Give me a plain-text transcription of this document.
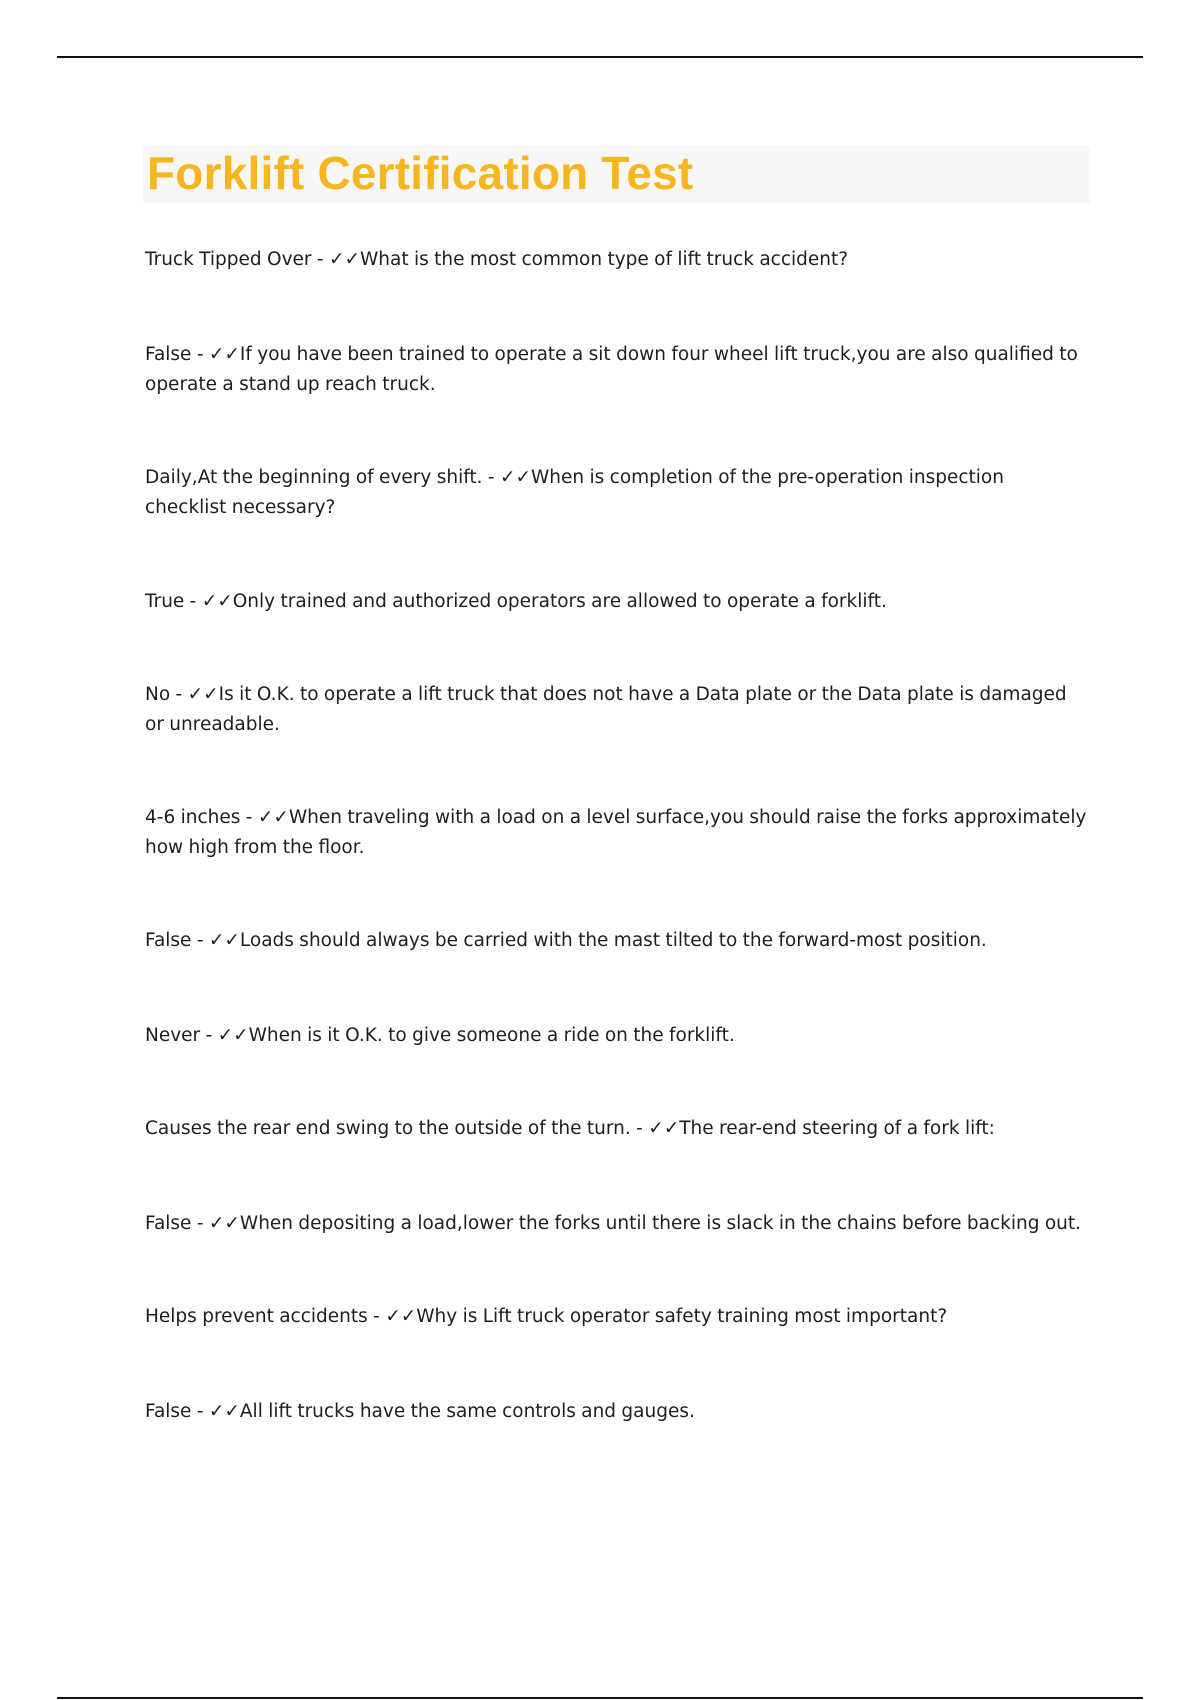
Forklift Certification Test
Truck Tipped Over - ✓✓What is the most common type of lift truck accident?
False - ✓✓If you have been trained to operate a sit down four wheel lift truck,you are also qualified to operate a stand up reach truck.
Daily,At the beginning of every shift. - ✓✓When is completion of the pre-operation inspection checklist necessary?
True - ✓✓Only trained and authorized operators are allowed to operate a forklift.
No - ✓✓Is it O.K. to operate a lift truck that does not have a Data plate or the Data plate is damaged or unreadable.
4-6 inches - ✓✓When traveling with a load on a level surface,you should raise the forks approximately how high from the floor.
False - ✓✓Loads should always be carried with the mast tilted to the forward-most position.
Never - ✓✓When is it O.K. to give someone a ride on the forklift.
Causes the rear end swing to the outside of the turn. - ✓✓The rear-end steering of a fork lift:
False - ✓✓When depositing a load,lower the forks until there is slack in the chains before backing out.
Helps prevent accidents - ✓✓Why is Lift truck operator safety training most important?
False - ✓✓All lift trucks have the same controls and gauges.
